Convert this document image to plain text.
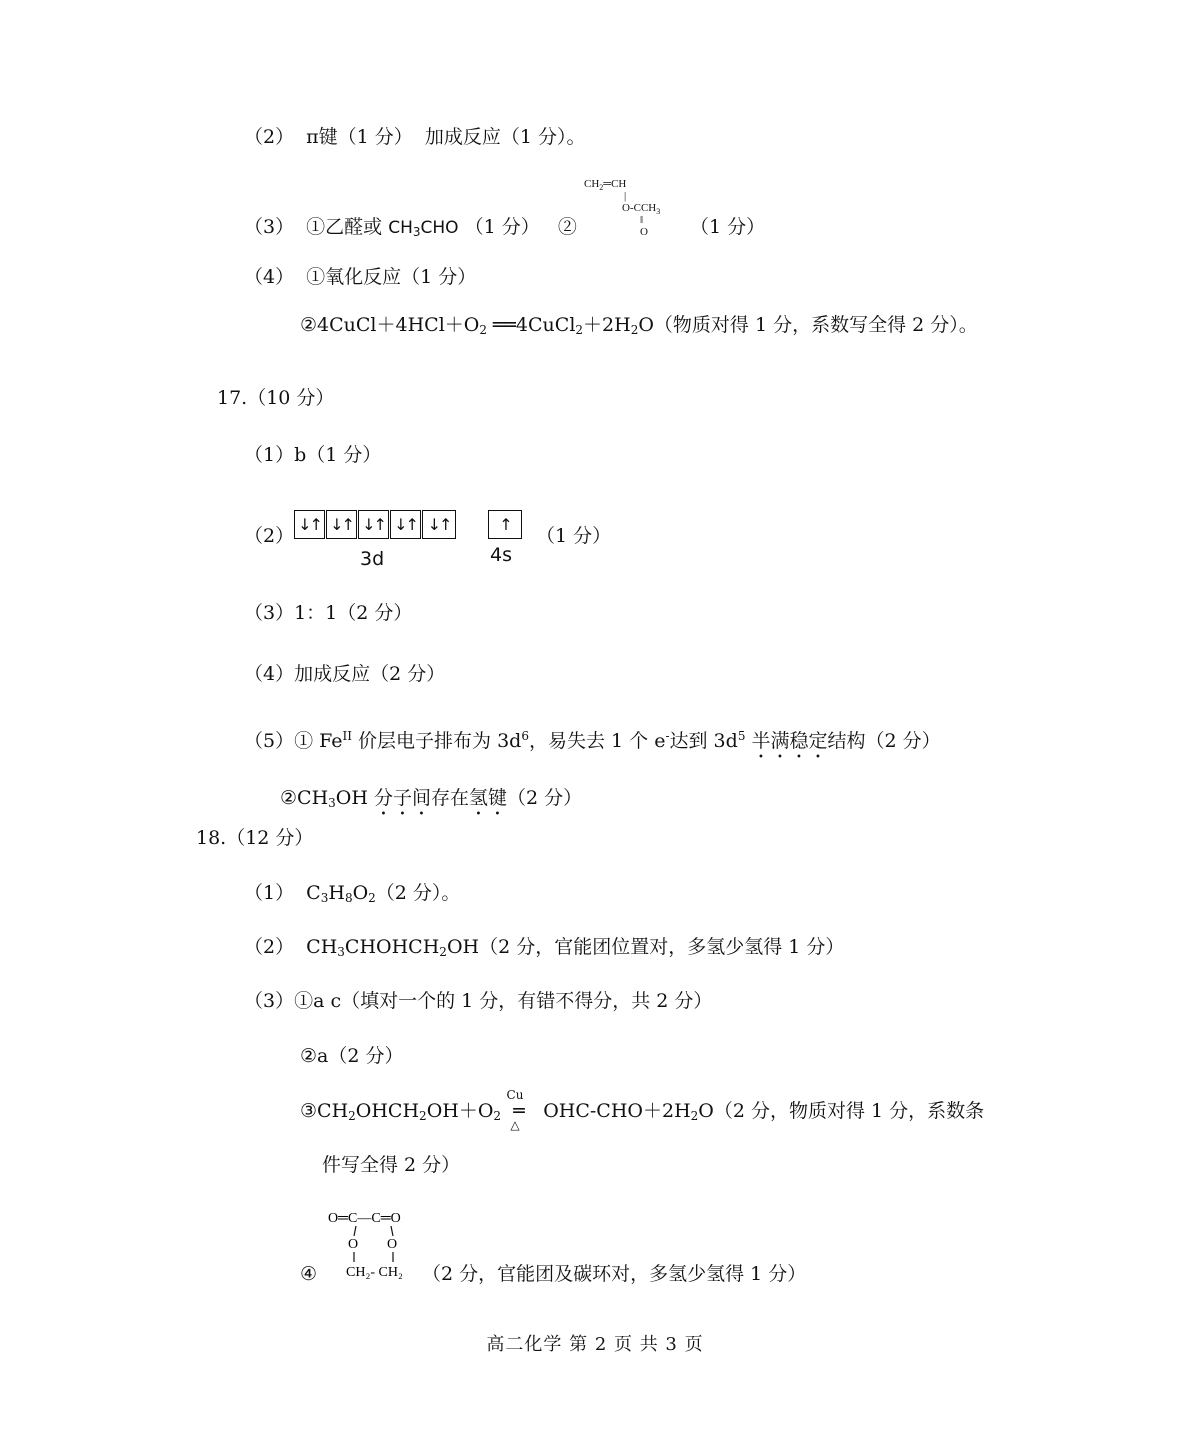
（2）  π键（1 分）  加成反应（1 分）。
$CH_2═CH$
|
$O-CCH_3$
‖
O
（3）  ①乙醛或 $CH_3CHO$ （1 分）   ②	（1 分）
（4）  ①氧化反应（1 分）
$②4CuCl+4HCl+O_2$ $══4CuCl_2+2H_2O$（物质对得 1 分，系数写全得 2 分）。
17.（10 分）
（1）b（1 分）
（2）
↓↑ ↓↑ ↓↑ ↓↑ ↓↑
3d
↑
4s
（1 分）
（3）1：1（2 分）
（4）加成反应（2 分）
（5）① $Fe^{II}$ 价层电子排布为 $3d^6$，易失去 1 个 e-达到 $3d^5$ 半满稳定结构（2 分）
$②CH_3OH$ 分子间存在氢键（2 分）
18.（12 分）
（1）  $C_3H_8O_2(2$ 分）。
（2）  $CH_3CHOHCH_2OH(2$ 分，官能团位置对，多氢少氢得 1 分）
（3）①a c（填对一个的 1 分，有错不得分，共 2 分）
②a（2 分）
Cu
△
$③CH_2OHCH_2OH+O_2$ ═  OHC-$CHO+2H_2O(2$ 分，物质对得 1 分，系数条
件写全得 2 分）
O═C—C═O
O O
CH₂- CH₂
④	（2 分，官能团及碳环对，多氢少氢得 1 分）
高二化学 第 2 页 共 3 页
